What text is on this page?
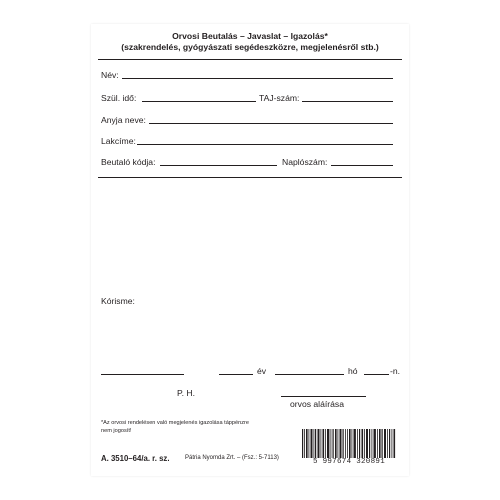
Orvosi Beutalás – Javaslat – Igazolás*
(szakrendelés, gyógyászati segédeszközre, megjelenésről stb.)
Név:
Szül. idő:	TAJ-szám:
Anyja neve:
Lakcíme:
Beutaló kódja:	Naplószám:
Kórisme:
év	hó	-n.
P. H.
orvos aláírása
*Az orvosi rendelésen való megjelenés igazolása táppénzre
nem jogosít!
A. 3510–64/a. r. sz.	Pátria Nyomda Zrt. – (Fsz.: 5-7113)	5 997674 320891
